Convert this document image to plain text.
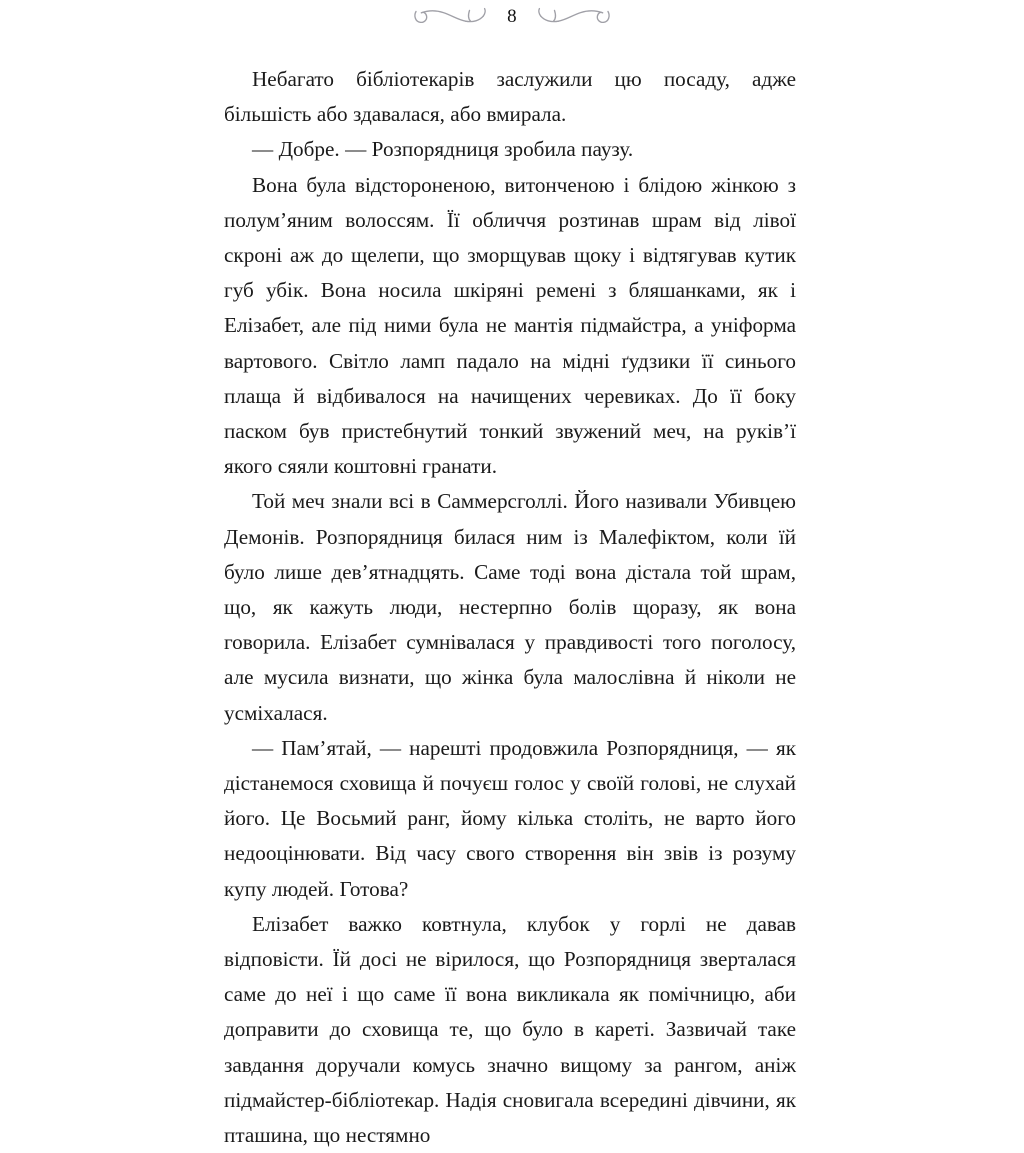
8

Небагато бібліотекарів заслужили цю посаду, адже більшість або здавалася, або вмирала.

— Добре. — Розпорядниця зробила паузу.

Вона була відстороненою, витонченою і блідою жінкою з полум’яним волоссям. Її обличчя розтинав шрам від лівої скроні аж до щелепи, що зморщував щоку і відтягував кутик губ убік. Вона носила шкіряні ремені з бляшанками, як і Елізабет, але під ними була не мантія підмайстра, а уніформа вартового. Світло ламп падало на мідні ґудзики її синього плаща й відбивалося на начищених черевиках. До її боку паском був пристебнутий тонкий звужений меч, на руків’ї якого сяяли коштовні гранати.

Той меч знали всі в Саммерсголлі. Його називали Убивцею Демонів. Розпорядниця билася ним із Малефіктом, коли їй було лише дев’ятнадцять. Саме тоді вона дістала той шрам, що, як кажуть люди, нестерпно болів щоразу, як вона говорила. Елізабет сумнівалася у правдивості того поголосу, але мусила визнати, що жінка була малослівна й ніколи не усміхалася.

— Пам’ятай, — нарешті продовжила Розпорядниця, — як дістанемося сховища й почуєш голос у своїй голові, не слухай його. Це Восьмий ранг, йому кілька століть, не варто його недооцінювати. Від часу свого створення він звів із розуму купу людей. Готова?

Елізабет важко ковтнула, клубок у горлі не давав відповісти. Їй досі не вірилося, що Розпорядниця зверталася саме до неї і що саме її вона викликала як помічницю, аби доправити до сховища те, що було в кареті. Зазвичай таке завдання доручали комусь значно вищому за рангом, аніж підмайстер-бібліотекар. Надія сновигала всередині дівчини, як пташина, що нестямно
